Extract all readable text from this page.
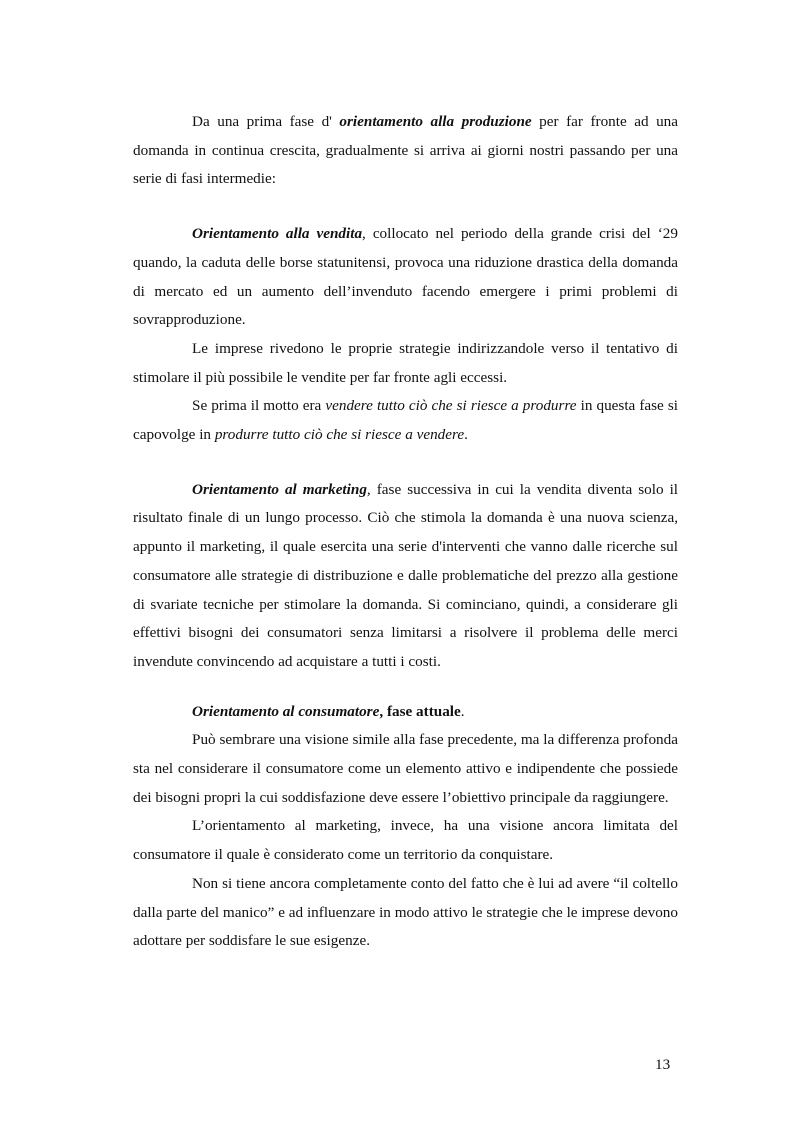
Da una prima fase d' orientamento alla produzione per far fronte ad una domanda in continua crescita, gradualmente si arriva ai giorni nostri passando per una serie di fasi intermedie:

Orientamento alla vendita, collocato nel periodo della grande crisi del ‘29 quando, la caduta delle borse statunitensi, provoca una riduzione drastica della domanda di mercato ed un aumento dell’invenduto facendo emergere i primi problemi di sovrapproduzione.

Le imprese rivedono le proprie strategie indirizzandole verso il tentativo di stimolare il più possibile le vendite per far fronte agli eccessi.

Se prima il motto era vendere tutto ciò che si riesce a produrre in questa fase si capovolge in produrre tutto ciò che si riesce a vendere.

Orientamento al marketing, fase successiva in cui la vendita diventa solo il risultato finale di un lungo processo. Ciò che stimola la domanda è una nuova scienza, appunto il marketing, il quale esercita una serie d'interventi che vanno dalle ricerche sul consumatore alle strategie di distribuzione e dalle problematiche del prezzo alla gestione di svariate tecniche per stimolare la domanda. Si cominciano, quindi, a considerare gli effettivi bisogni dei consumatori senza limitarsi a risolvere il problema delle merci invendute convincendo ad acquistare a tutti i costi.

Orientamento al consumatore, fase attuale.

Può sembrare una visione simile alla fase precedente, ma la differenza profonda sta nel considerare il consumatore come un elemento attivo e indipendente che possiede dei bisogni propri la cui soddisfazione deve essere l’obiettivo principale da raggiungere.

L’orientamento al marketing, invece, ha una visione ancora limitata del consumatore il quale è considerato come un territorio da conquistare.

Non si tiene ancora completamente conto del fatto che è lui ad avere “il coltello dalla parte del manico” e ad influenzare in modo attivo le strategie che le imprese devono adottare per soddisfare le sue esigenze.

13
